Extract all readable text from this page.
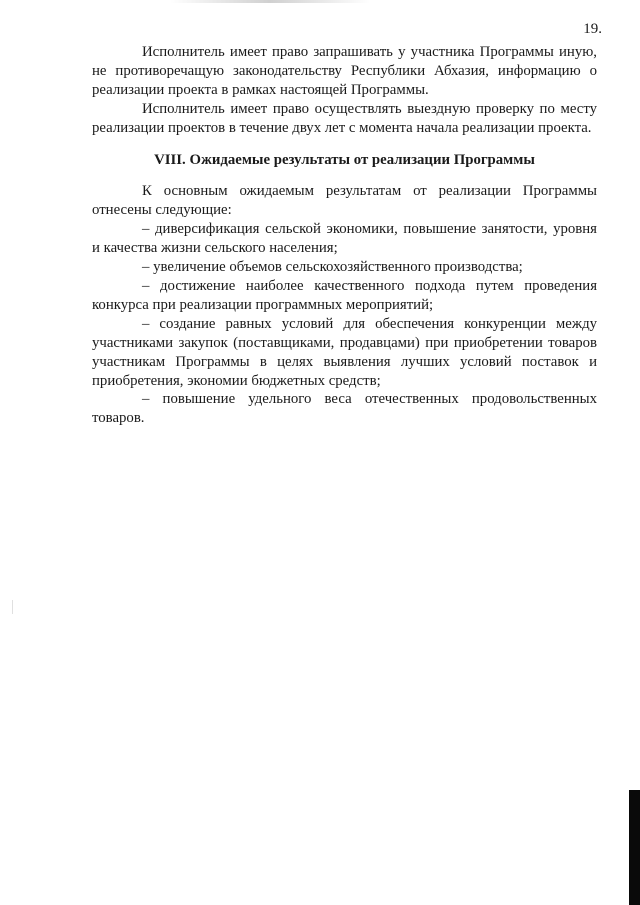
19.

Исполнитель имеет право запрашивать у участника Программы иную, не противоречащую законодательству Республики Абхазия, информацию о реализации проекта в рамках настоящей Программы.

Исполнитель имеет право осуществлять выездную проверку по месту реализации проектов в течение двух лет с момента начала реализации проекта.

VIII. Ожидаемые результаты от реализации Программы

К основным ожидаемым результатам от реализации Программы отнесены следующие:

– диверсификация сельской экономики, повышение занятости, уровня и качества жизни сельского населения;

– увеличение объемов сельскохозяйственного производства;

– достижение наиболее качественного подхода путем проведения конкурса при реализации программных мероприятий;

– создание равных условий для обеспечения конкуренции между участниками закупок (поставщиками, продавцами) при приобретении товаров участникам Программы в целях выявления лучших условий поставок и приобретения, экономии бюджетных средств;

– повышение удельного веса отечественных продовольственных товаров.
